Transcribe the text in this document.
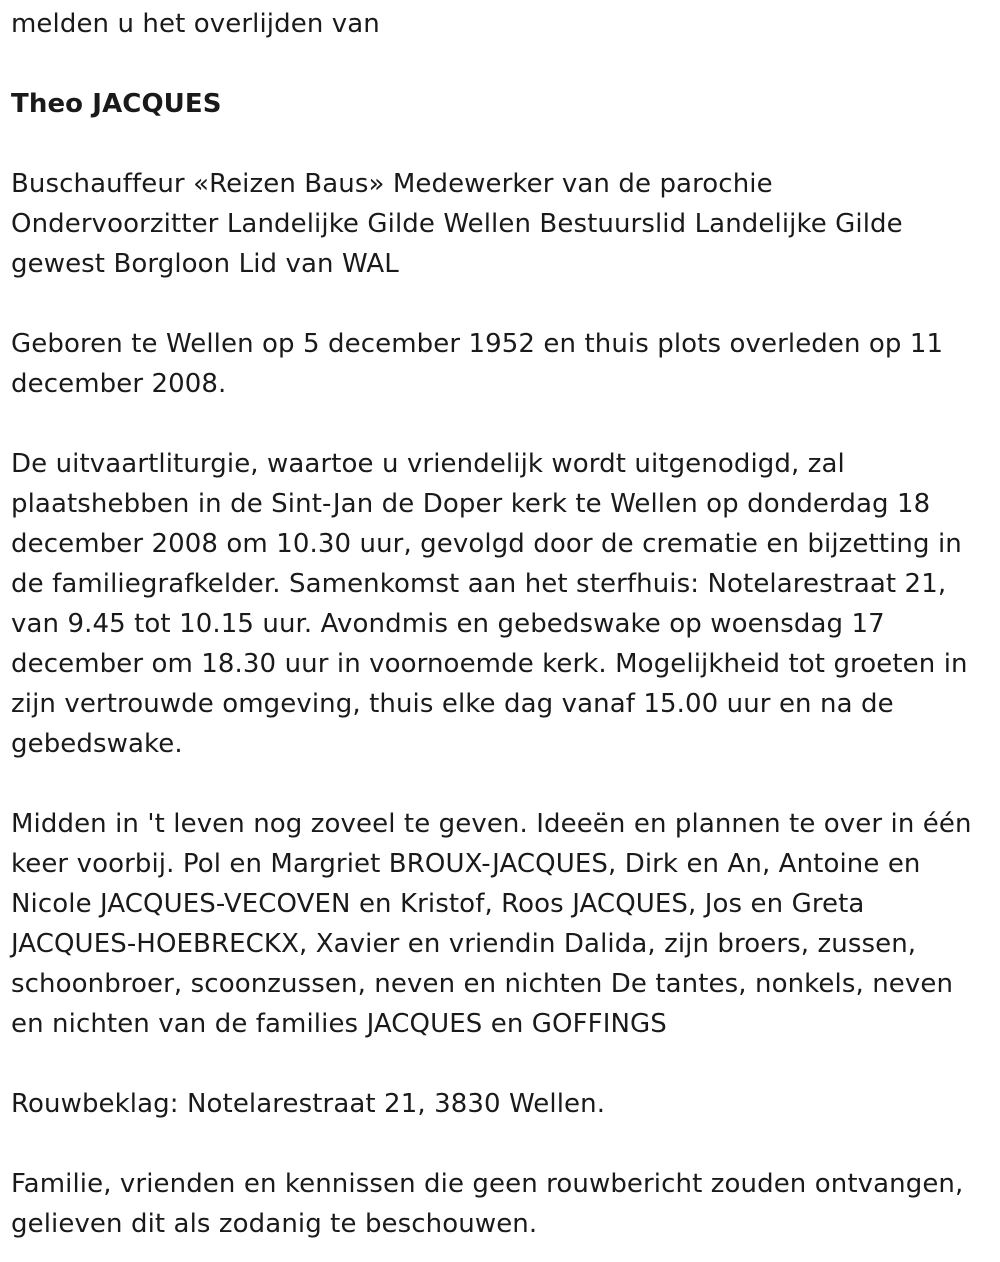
melden u het overlijden van

Theo JACQUES

Buschauffeur «Reizen Baus» Medewerker van de parochie
Ondervoorzitter Landelijke Gilde Wellen Bestuurslid Landelijke Gilde
gewest Borgloon Lid van WAL

Geboren te Wellen op 5 december 1952 en thuis plots overleden op 11
december 2008.

De uitvaartliturgie, waartoe u vriendelijk wordt uitgenodigd, zal
plaatshebben in de Sint-Jan de Doper kerk te Wellen op donderdag 18
december 2008 om 10.30 uur, gevolgd door de crematie en bijzetting in
de familiegrafkelder. Samenkomst aan het sterfhuis: Notelarestraat 21,
van 9.45 tot 10.15 uur. Avondmis en gebedswake op woensdag 17
december om 18.30 uur in voornoemde kerk. Mogelijkheid tot groeten in
zijn vertrouwde omgeving, thuis elke dag vanaf 15.00 uur en na de
gebedswake.

Midden in 't leven nog zoveel te geven. Ideeën en plannen te over in één
keer voorbij. Pol en Margriet BROUX-JACQUES, Dirk en An, Antoine en
Nicole JACQUES-VECOVEN en Kristof, Roos JACQUES, Jos en Greta
JACQUES-HOEBRECKX, Xavier en vriendin Dalida, zijn broers, zussen,
schoonbroer, scoonzussen, neven en nichten De tantes, nonkels, neven
en nichten van de families JACQUES en GOFFINGS

Rouwbeklag: Notelarestraat 21, 3830 Wellen.

Familie, vrienden en kennissen die geen rouwbericht zouden ontvangen,
gelieven dit als zodanig te beschouwen.
